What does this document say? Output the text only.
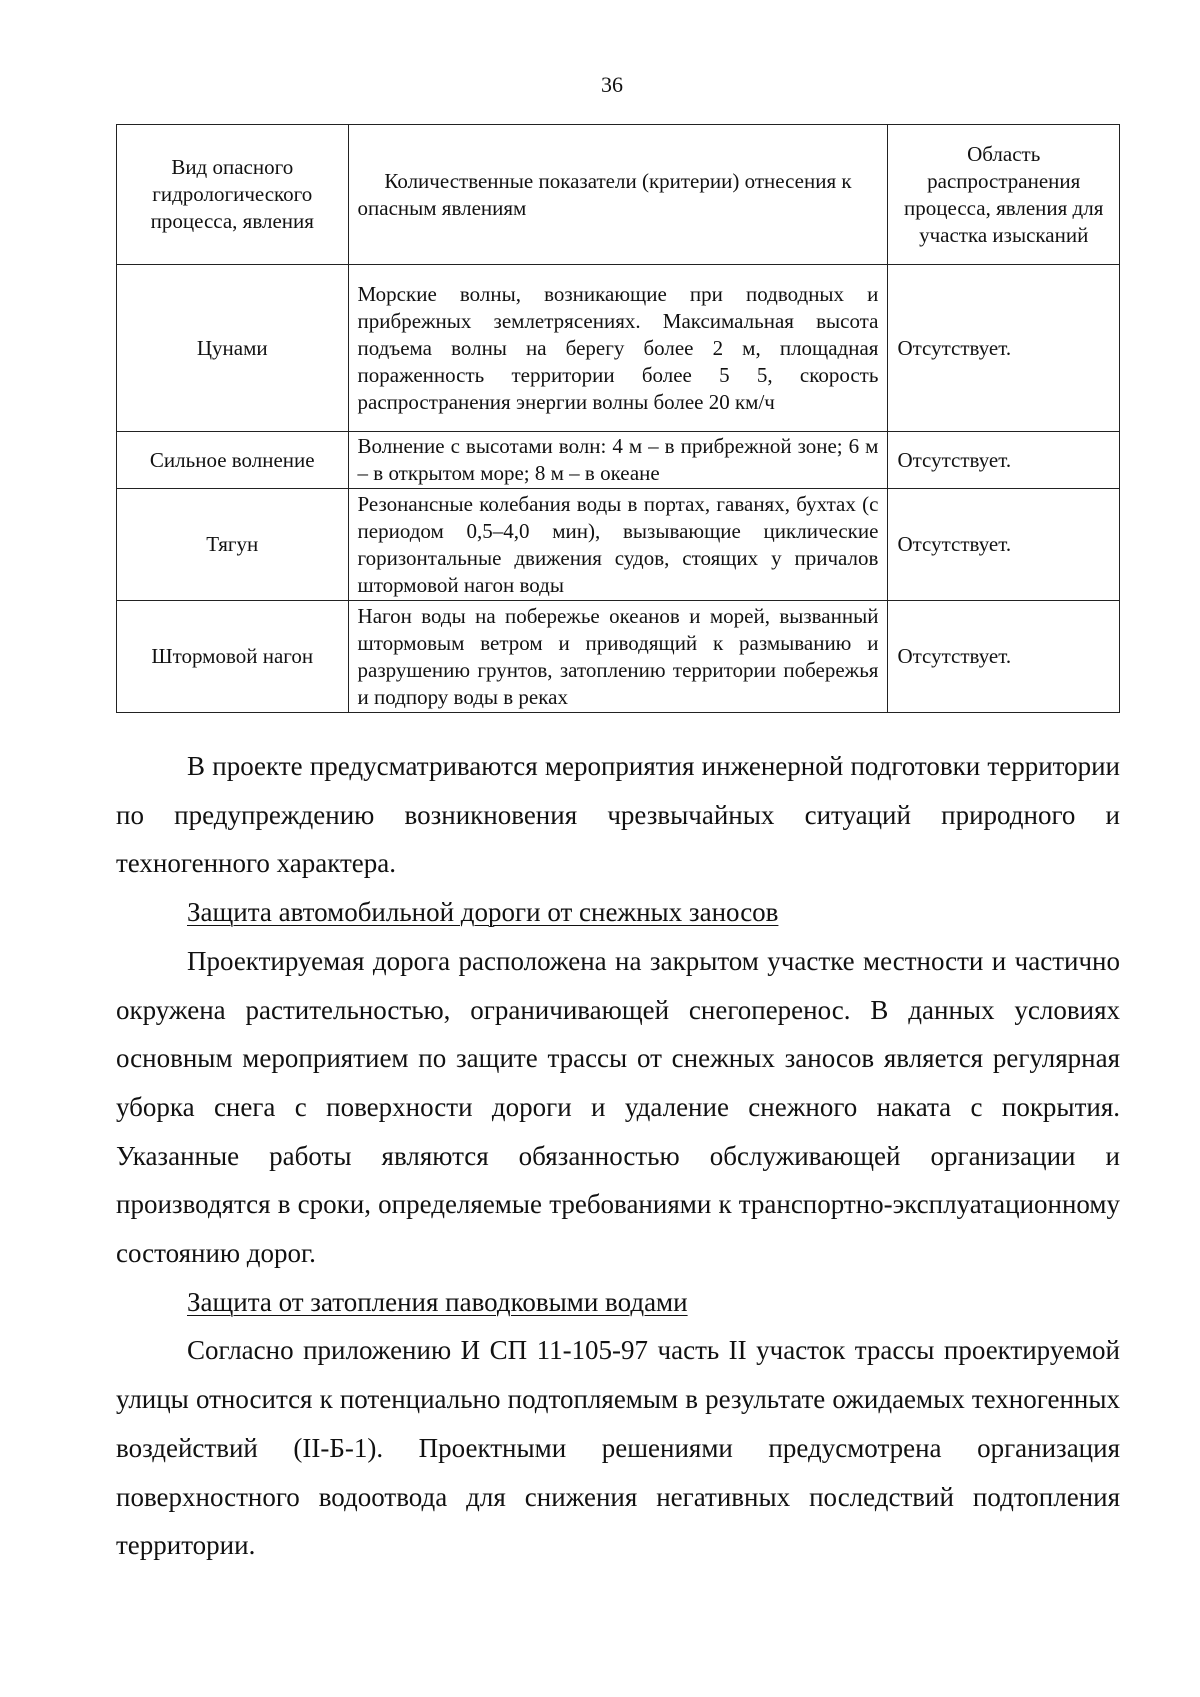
36
Вид опасного гидрологического процесса, явления	Количественные показатели (критерии) отнесения к опасным явлениям	Область распространения процесса, явления для участка изысканий
Цунами	Морские волны, возникающие при подводных и прибрежных землетрясениях. Максимальная высота подъема волны на берегу более 2 м, площадная пораженность территории более 5 5, скорость распространения энергии волны более 20 км/ч	Отсутствует.
Сильное волнение	Волнение с высотами волн: 4 м – в прибрежной зоне; 6 м – в открытом море; 8 м – в океане	Отсутствует.
Тягун	Резонансные колебания воды в портах, гаванях, бухтах (с периодом 0,5–4,0 мин), вызывающие циклические горизонтальные движения судов, стоящих у причалов штормовой нагон воды	Отсутствует.
Штормовой нагон	Нагон воды на побережье океанов и морей, вызванный штормовым ветром и приводящий к размыванию и разрушению грунтов, затоплению территории побережья и подпору воды в реках	Отсутствует.

В проекте предусматриваются мероприятия инженерной подготовки территории по предупреждению возникновения чрезвычайных ситуаций природного и техногенного характера.

Защита автомобильной дороги от снежных заносов

Проектируемая дорога расположена на закрытом участке местности и частично окружена растительностью, ограничивающей снегоперенос. В данных условиях основным мероприятием по защите трассы от снежных заносов является регулярная уборка снега с поверхности дороги и удаление снежного наката с покрытия. Указанные работы являются обязанностью обслуживающей организации и производятся в сроки, определяемые требованиями к транспортно-эксплуатационному состоянию дорог.

Защита от затопления паводковыми водами

Согласно приложению И СП 11-105-97 часть II участок трассы проектируемой улицы относится к потенциально подтопляемым в результате ожидаемых техногенных воздействий (II-Б-1). Проектными решениями предусмотрена организация поверхностного водоотвода для снижения негативных последствий подтопления территории.
